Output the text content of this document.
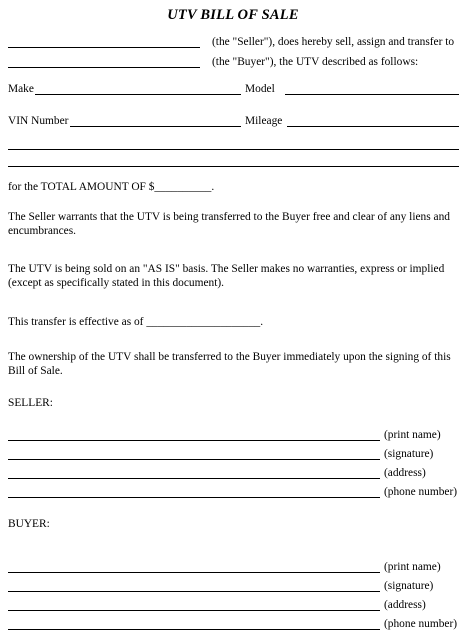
UTV BILL OF SALE
(the "Seller"), does hereby sell, assign and transfer to
(the "Buyer"), the UTV described as follows:
Make	Model
VIN Number	Mileage
for the TOTAL AMOUNT OF $__________.
The Seller warrants that the UTV is being transferred to the Buyer free and clear of any liens and encumbrances.
The UTV is being sold on an "AS IS" basis. The Seller makes no warranties, express or implied (except as specifically stated in this document).
This transfer is effective as of ____________________.
The ownership of the UTV shall be transferred to the Buyer immediately upon the signing of this Bill of Sale.
SELLER:
(print name)
(signature)
(address)
(phone number)
BUYER:
(print name)
(signature)
(address)
(phone number)
